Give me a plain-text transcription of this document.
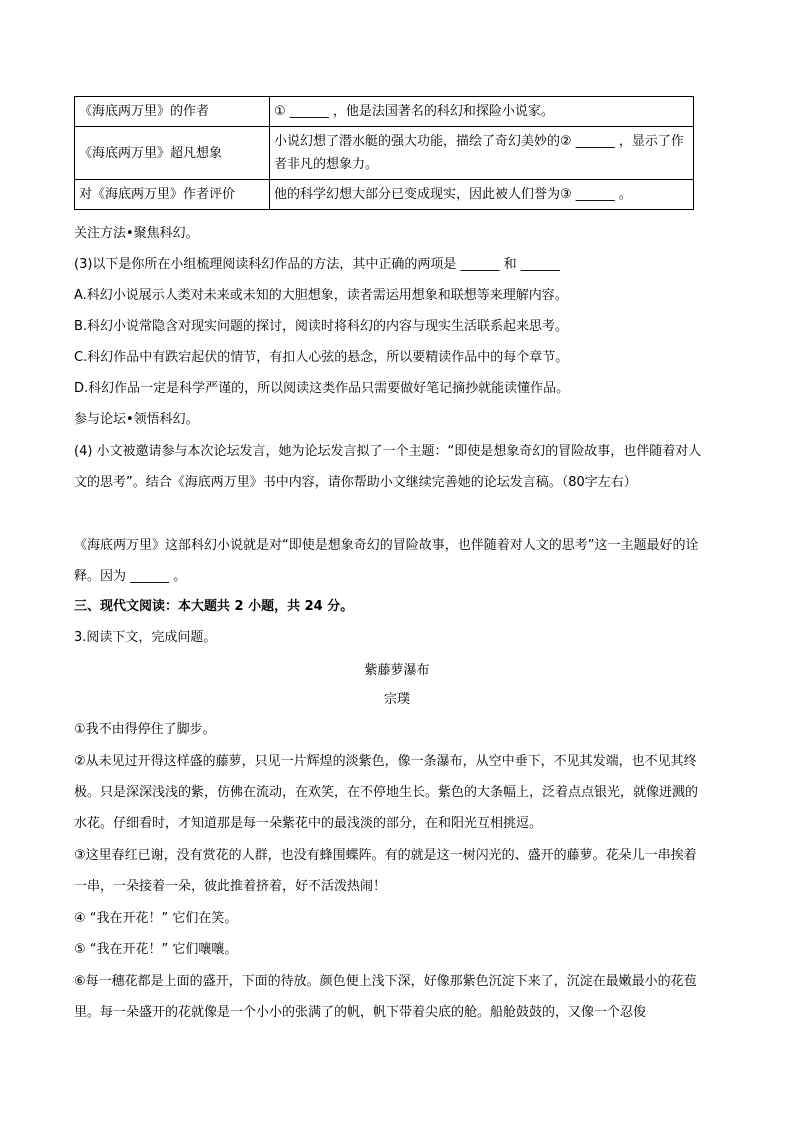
《海底两万里》的作者	① ______ ，他是法国著名的科幻和探险小说家。
《海底两万里》超凡想象	小说幻想了潜水艇的强大功能，描绘了奇幻美妙的② ______ ，显示了作者非凡的想象力。
对《海底两万里》作者评价	他的科学幻想大部分已变成现实，因此被人们誉为③ ______ 。
关注方法•聚焦科幻。
(3)以下是你所在小组梳理阅读科幻作品的方法，其中正确的两项是 ______ 和 ______
A.科幻小说展示人类对未来或未知的大胆想象，读者需运用想象和联想等来理解内容。
B.科幻小说常隐含对现实问题的探讨，阅读时将科幻的内容与现实生活联系起来思考。
C.科幻作品中有跌宕起伏的情节，有扣人心弦的悬念，所以要精读作品中的每个章节。
D.科幻作品一定是科学严谨的，所以阅读这类作品只需要做好笔记摘抄就能读懂作品。
参与论坛•领悟科幻。
(4) 小文被邀请参与本次论坛发言，她为论坛发言拟了一个主题：“即使是想象奇幻的冒险故事，也伴随着对人文的思考”。结合《海底两万里》书中内容，请你帮助小文继续完善她的论坛发言稿。（80字左右）
《海底两万里》这部科幻小说就是对“即使是想象奇幻的冒险故事，也伴随着对人文的思考”这一主题最好的诠释。因为 ______ 。
三、现代文阅读：本大题共 2 小题，共 24 分。
3.阅读下文，完成问题。
紫藤萝瀑布
宗璞
①我不由得停住了脚步。
②从未见过开得这样盛的藤萝，只见一片辉煌的淡紫色，像一条瀑布，从空中垂下，不见其发端，也不见其终极。只是深深浅浅的紫，仿佛在流动，在欢笑，在不停地生长。紫色的大条幅上，泛着点点银光，就像迸溅的水花。仔细看时，才知道那是每一朵紫花中的最浅淡的部分，在和阳光互相挑逗。
③这里春红已谢，没有赏花的人群，也没有蜂围蝶阵。有的就是这一树闪光的、盛开的藤萝。花朵儿一串挨着一串，一朵接着一朵，彼此推着挤着，好不活泼热闹！
④ “我在开花！” 它们在笑。
⑤ “我在开花！” 它们嚷嚷。
⑥每一穗花都是上面的盛开，下面的待放。颜色便上浅下深，好像那紫色沉淀下来了，沉淀在最嫩最小的花苞里。每一朵盛开的花就像是一个小小的张满了的帆，帆下带着尖底的舱。船舱鼓鼓的，又像一个忍俊
